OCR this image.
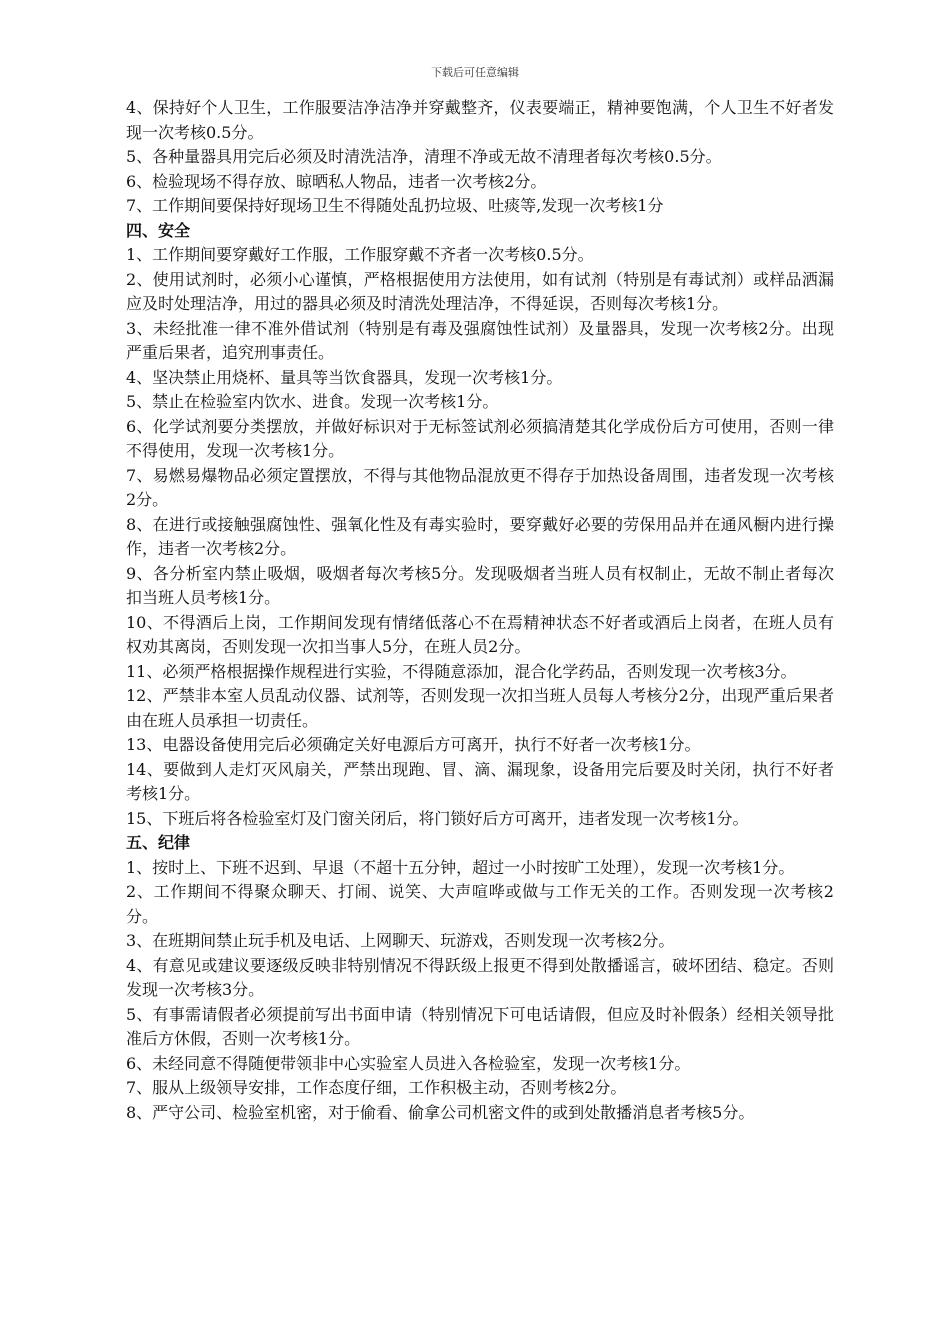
下载后可任意编辑

4、保持好个人卫生，工作服要洁净洁净并穿戴整齐，仪表要端正，精神要饱满，个人卫生不好者发现一次考核0.5分。

5、各种量器具用完后必须及时清洗洁净，清理不净或无故不清理者每次考核0.5分。

6、检验现场不得存放、晾晒私人物品，违者一次考核2分。

7、工作期间要保持好现场卫生不得随处乱扔垃圾、吐痰等,发现一次考核1分

四、安全

1、工作期间要穿戴好工作服，工作服穿戴不齐者一次考核0.5分。

2、使用试剂时，必须小心谨慎，严格根据使用方法使用，如有试剂（特别是有毒试剂）或样品洒漏应及时处理洁净，用过的器具必须及时清洗处理洁净，不得延误，否则每次考核1分。

3、未经批准一律不准外借试剂（特别是有毒及强腐蚀性试剂）及量器具，发现一次考核2分。出现严重后果者，追究刑事责任。

4、坚决禁止用烧杯、量具等当饮食器具，发现一次考核1分。

5、禁止在检验室内饮水、进食。发现一次考核1分。

6、化学试剂要分类摆放，并做好标识对于无标签试剂必须搞清楚其化学成份后方可使用，否则一律不得使用，发现一次考核1分。

7、易燃易爆物品必须定置摆放，不得与其他物品混放更不得存于加热设备周围，违者发现一次考核2分。

8、在进行或接触强腐蚀性、强氧化性及有毒实验时，要穿戴好必要的劳保用品并在通风橱内进行操作，违者一次考核2分。

9、各分析室内禁止吸烟，吸烟者每次考核5分。发现吸烟者当班人员有权制止，无故不制止者每次扣当班人员考核1分。

10、不得酒后上岗，工作期间发现有情绪低落心不在焉精神状态不好者或酒后上岗者，在班人员有权劝其离岗，否则发现一次扣当事人5分，在班人员2分。

11、必须严格根据操作规程进行实验，不得随意添加，混合化学药品，否则发现一次考核3分。

12、严禁非本室人员乱动仪器、试剂等，否则发现一次扣当班人员每人考核分2分，出现严重后果者由在班人员承担一切责任。

13、电器设备使用完后必须确定关好电源后方可离开，执行不好者一次考核1分。

14、要做到人走灯灭风扇关，严禁出现跑、冒、滴、漏现象，设备用完后要及时关闭，执行不好者考核1分。

15、下班后将各检验室灯及门窗关闭后，将门锁好后方可离开，违者发现一次考核1分。

五、纪律

1、按时上、下班不迟到、早退（不超十五分钟，超过一小时按旷工处理），发现一次考核1分。

2、工作期间不得聚众聊天、打闹、说笑、大声喧哗或做与工作无关的工作。否则发现一次考核2分。

3、在班期间禁止玩手机及电话、上网聊天、玩游戏，否则发现一次考核2分。

4、有意见或建议要逐级反映非特别情况不得跃级上报更不得到处散播谣言，破坏团结、稳定。否则发现一次考核3分。

5、有事需请假者必须提前写出书面申请（特别情况下可电话请假，但应及时补假条）经相关领导批准后方休假，否则一次考核1分。

6、未经同意不得随便带领非中心实验室人员进入各检验室，发现一次考核1分。

7、服从上级领导安排，工作态度仔细，工作积极主动，否则考核2分。

8、严守公司、检验室机密，对于偷看、偷拿公司机密文件的或到处散播消息者考核5分。
